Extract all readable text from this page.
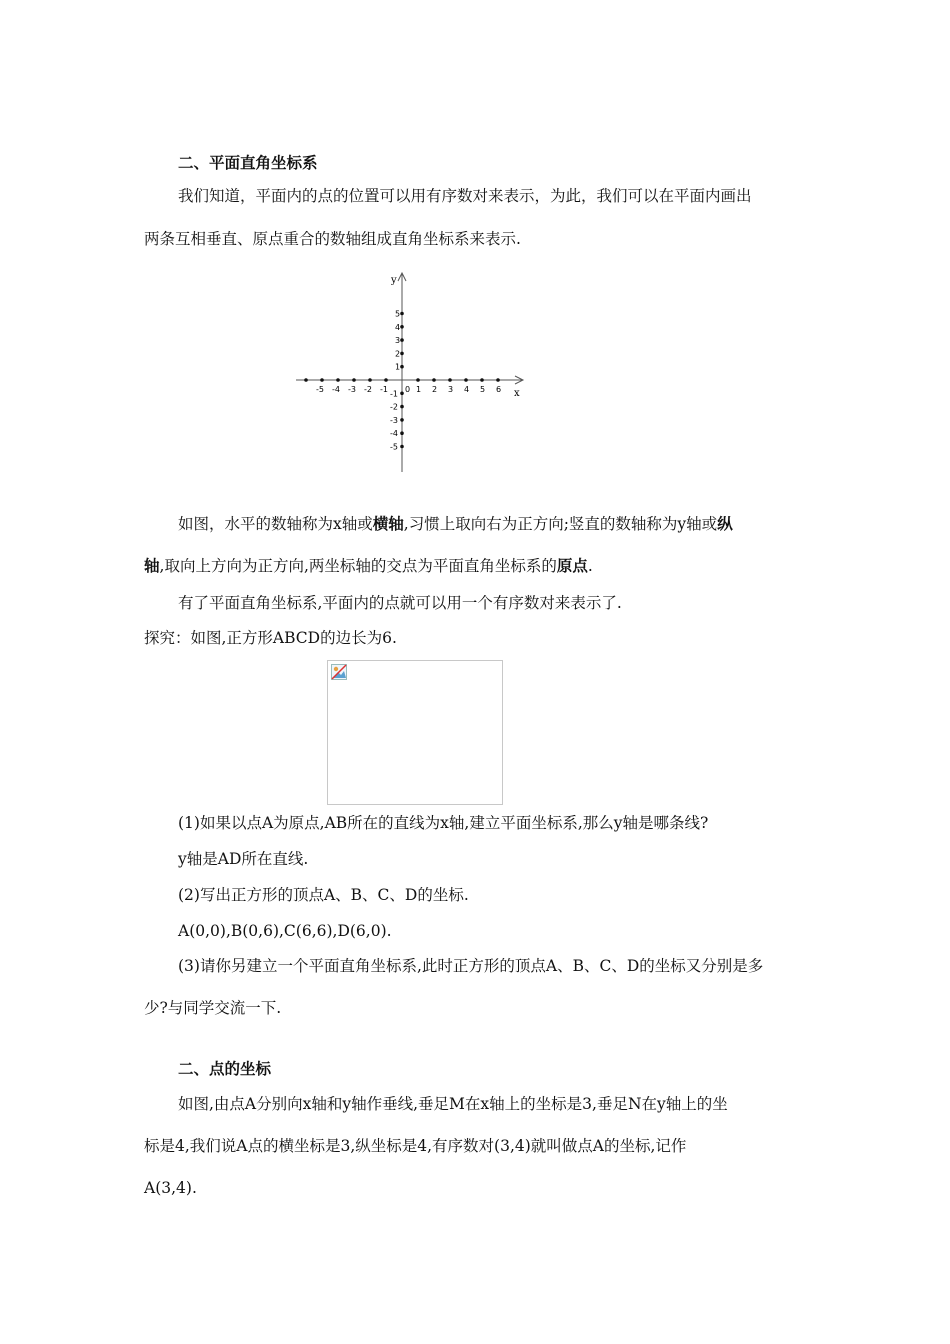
二、平面直角坐标系
我们知道，平面内的点的位置可以用有序数对来表示，为此，我们可以在平面内画出
两条互相垂直、原点重合的数轴组成直角坐标系来表示.
x
y
0
-5 -4 -3 -2 -1	1 2 3 4 5 6
5
4
3
2
1
-1
-2
-3
-4
-5
如图，水平的数轴称为x轴或横轴,习惯上取向右为正方向;竖直的数轴称为y轴或纵
轴,取向上方向为正方向,两坐标轴的交点为平面直角坐标系的原点.
有了平面直角坐标系,平面内的点就可以用一个有序数对来表示了.
探究：如图,正方形ABCD的边长为6.
(1)如果以点A为原点,AB所在的直线为x轴,建立平面坐标系,那么y轴是哪条线?
y轴是AD所在直线.
(2)写出正方形的顶点A、B、C、D的坐标.
A(0,0),B(0,6),C(6,6),D(6,0).
(3)请你另建立一个平面直角坐标系,此时正方形的顶点A、B、C、D的坐标又分别是多
少?与同学交流一下.
二、点的坐标
如图,由点A分别向x轴和y轴作垂线,垂足M在x轴上的坐标是3,垂足N在y轴上的坐
标是4,我们说A点的横坐标是3,纵坐标是4,有序数对(3,4)就叫做点A的坐标,记作
A(3,4).
